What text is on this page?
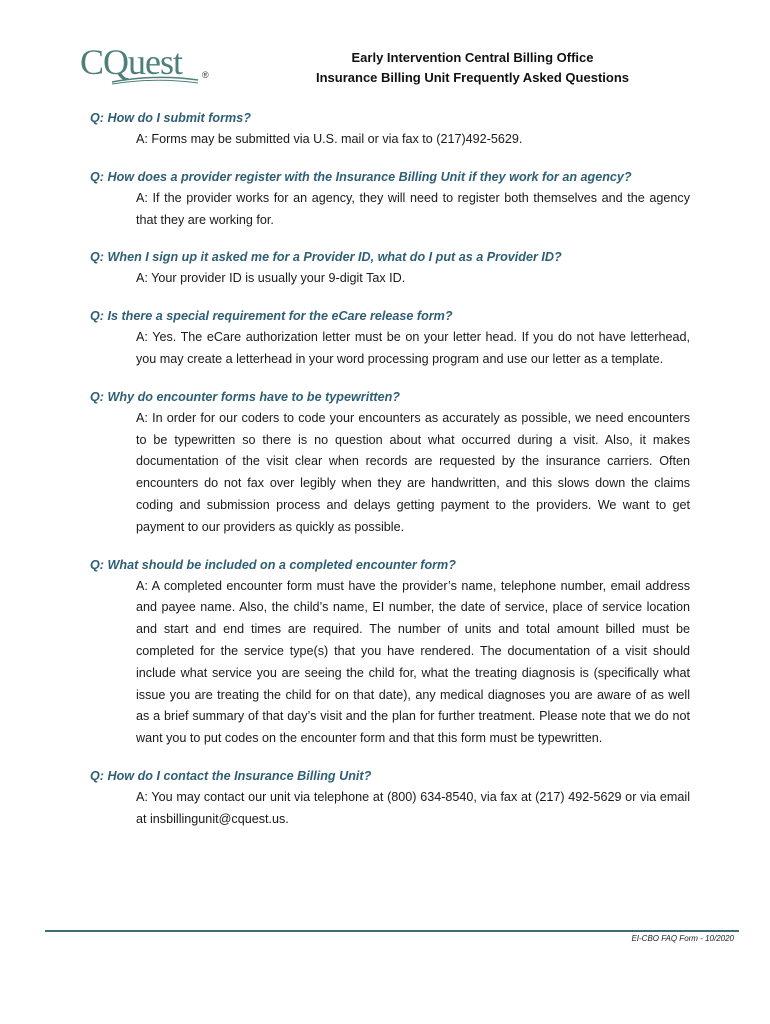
CQuest	®
Early Intervention Central Billing Office
Insurance Billing Unit Frequently Asked Questions
Q: How do I submit forms?
A: Forms may be submitted via U.S. mail or via fax to (217)492-5629.
Q: How does a provider register with the Insurance Billing Unit if they work for an agency?
A: If the provider works for an agency, they will need to register both themselves and the agency that they are working for.
Q: When I sign up it asked me for a Provider ID, what do I put as a Provider ID?
A: Your provider ID is usually your 9-digit Tax ID.
Q: Is there a special requirement for the eCare release form?
A: Yes. The eCare authorization letter must be on your letter head. If you do not have letterhead, you may create a letterhead in your word processing program and use our letter as a template.
Q: Why do encounter forms have to be typewritten?
A: In order for our coders to code your encounters as accurately as possible, we need encounters to be typewritten so there is no question about what occurred during a visit. Also, it makes documentation of the visit clear when records are requested by the insurance carriers. Often encounters do not fax over legibly when they are handwritten, and this slows down the claims coding and submission process and delays getting payment to the providers. We want to get payment to our providers as quickly as possible.
Q: What should be included on a completed encounter form?
A: A completed encounter form must have the provider’s name, telephone number, email address and payee name. Also, the child’s name, EI number, the date of service, place of service location and start and end times are required. The number of units and total amount billed must be completed for the service type(s) that you have rendered. The documentation of a visit should include what service you are seeing the child for, what the treating diagnosis is (specifically what issue you are treating the child for on that date), any medical diagnoses you are aware of as well as a brief summary of that day’s visit and the plan for further treatment. Please note that we do not want you to put codes on the encounter form and that this form must be typewritten.
Q: How do I contact the Insurance Billing Unit?
A: You may contact our unit via telephone at (800) 634-8540, via fax at (217) 492-5629 or via email at insbillingunit@cquest.us.
EI-CBO FAQ Form - 10/2020
